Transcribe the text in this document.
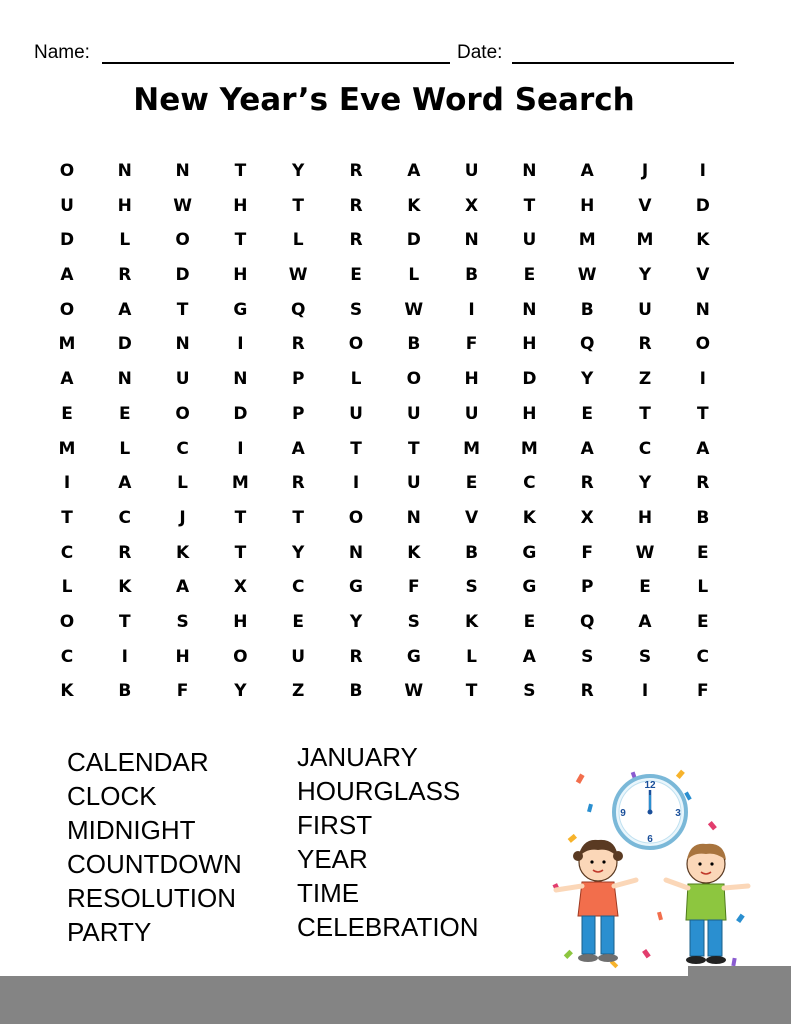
Name:	Date:
New Year’s Eve Word Search
O	N	N	T	Y	R	A	U	N	A	J	I
U	H	W	H	T	R	K	X	T	H	V	D
D	L	O	T	L	R	D	N	U	M	M	K
A	R	D	H	W	E	L	B	E	W	Y	V
O	A	T	G	Q	S	W	I	N	B	U	N
M	D	N	I	R	O	B	F	H	Q	R	O
A	N	U	N	P	L	O	H	D	Y	Z	I
E	E	O	D	P	U	U	U	H	E	T	T
M	L	C	I	A	T	T	M	M	A	C	A
I	A	L	M	R	I	U	E	C	R	Y	R
T	C	J	T	T	O	N	V	K	X	H	B
C	R	K	T	Y	N	K	B	G	F	W	E
L	K	A	X	C	G	F	S	G	P	E	L
O	T	S	H	E	Y	S	K	E	Q	A	E
C	I	H	O	U	R	G	L	A	S	S	C
K	B	F	Y	Z	B	W	T	S	R	I	F
CALENDAR
CLOCK
MIDNIGHT
COUNTDOWN
RESOLUTION
PARTY
JANUARY
HOURGLASS
FIRST
YEAR
TIME
CELEBRATION
12
3
6
9
